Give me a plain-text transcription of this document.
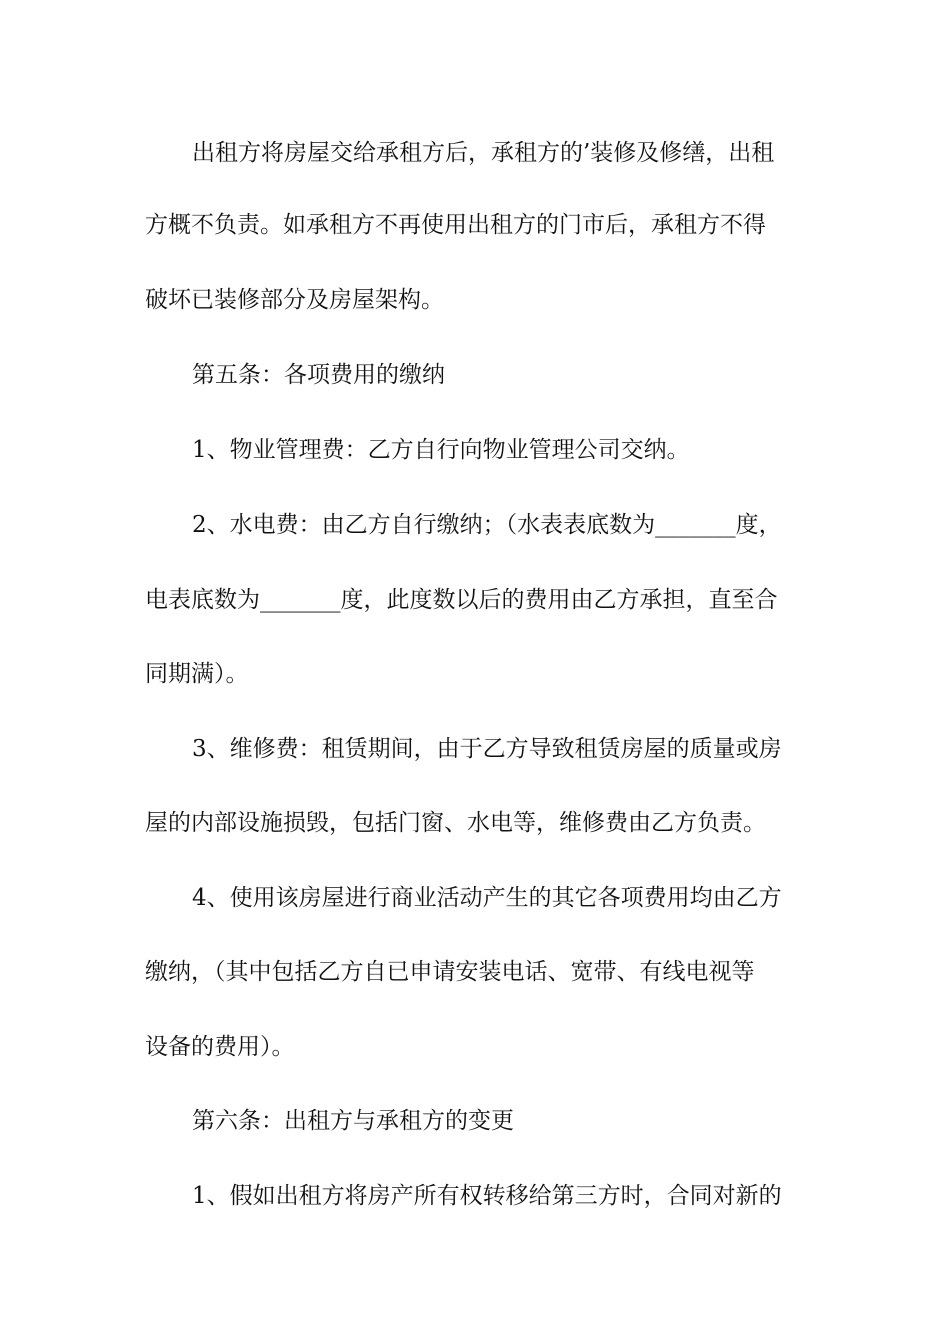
出租方将房屋交给承租方后，承租方的’装修及修缮，出租
方概不负责。如承租方不再使用出租方的门市后，承租方不得
破坏已装修部分及房屋架构。
第五条：各项费用的缴纳
1、物业管理费：乙方自行向物业管理公司交纳。
2、水电费：由乙方自行缴纳；（水表表底数为_______度，
电表底数为_______度，此度数以后的费用由乙方承担，直至合
同期满）。
3、维修费：租赁期间，由于乙方导致租赁房屋的质量或房
屋的内部设施损毁，包括门窗、水电等，维修费由乙方负责。
4、使用该房屋进行商业活动产生的其它各项费用均由乙方
缴纳，（其中包括乙方自已申请安装电话、宽带、有线电视等
设备的费用）。
第六条：出租方与承租方的变更
1、假如出租方将房产所有权转移给第三方时，合同对新的
